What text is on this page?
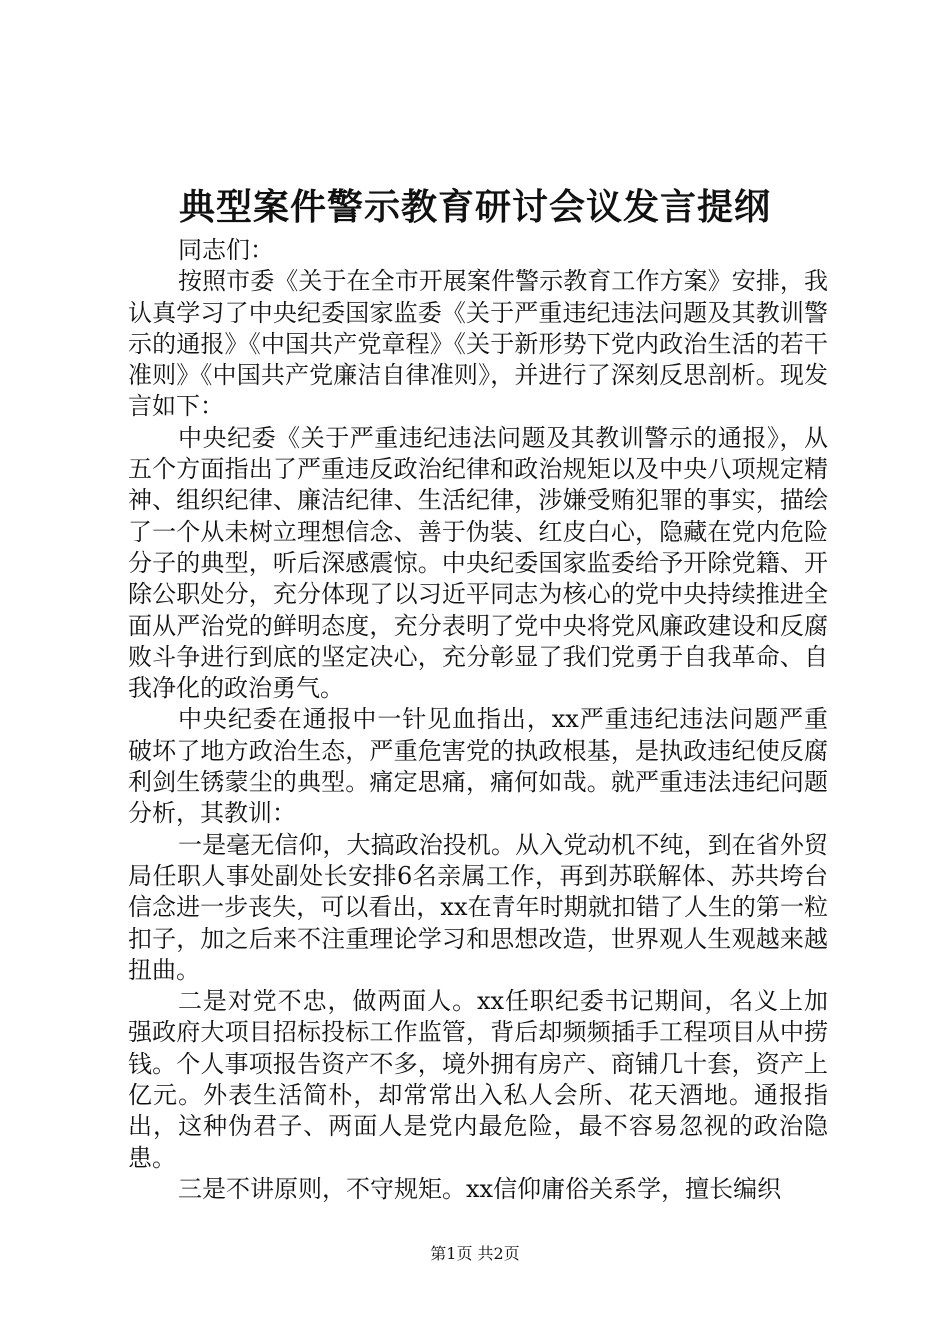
典型案件警示教育研讨会议发言提纲

同志们：

按照市委《关于在全市开展案件警示教育工作方案》安排，我认真学习了中央纪委国家监委《关于严重违纪违法问题及其教训警示的通报》《中国共产党章程》《关于新形势下党内政治生活的若干准则》《中国共产党廉洁自律准则》，并进行了深刻反思剖析。现发言如下：

中央纪委《关于严重违纪违法问题及其教训警示的通报》，从五个方面指出了严重违反政治纪律和政治规矩以及中央八项规定精神、组织纪律、廉洁纪律、生活纪律，涉嫌受贿犯罪的事实，描绘了一个从未树立理想信念、善于伪装、红皮白心，隐藏在党内危险分子的典型，听后深感震惊。中央纪委国家监委给予开除党籍、开除公职处分，充分体现了以习近平同志为核心的党中央持续推进全面从严治党的鲜明态度，充分表明了党中央将党风廉政建设和反腐败斗争进行到底的坚定决心，充分彰显了我们党勇于自我革命、自我净化的政治勇气。

中央纪委在通报中一针见血指出，xx严重违纪违法问题严重破坏了地方政治生态，严重危害党的执政根基，是执政违纪使反腐利剑生锈蒙尘的典型。痛定思痛，痛何如哉。就严重违法违纪问题分析，其教训：

一是毫无信仰，大搞政治投机。从入党动机不纯，到在省外贸局任职人事处副处长安排6名亲属工作，再到苏联解体、苏共垮台信念进一步丧失，可以看出，xx在青年时期就扣错了人生的第一粒扣子，加之后来不注重理论学习和思想改造，世界观人生观越来越扭曲。

二是对党不忠，做两面人。xx任职纪委书记期间，名义上加强政府大项目招标投标工作监管，背后却频频插手工程项目从中捞钱。个人事项报告资产不多，境外拥有房产、商铺几十套，资产上亿元。外表生活简朴，却常常出入私人会所、花天酒地。通报指出，这种伪君子、两面人是党内最危险，最不容易忽视的政治隐患。

三是不讲原则，不守规矩。xx信仰庸俗关系学，擅长编织

第1页 共2页
